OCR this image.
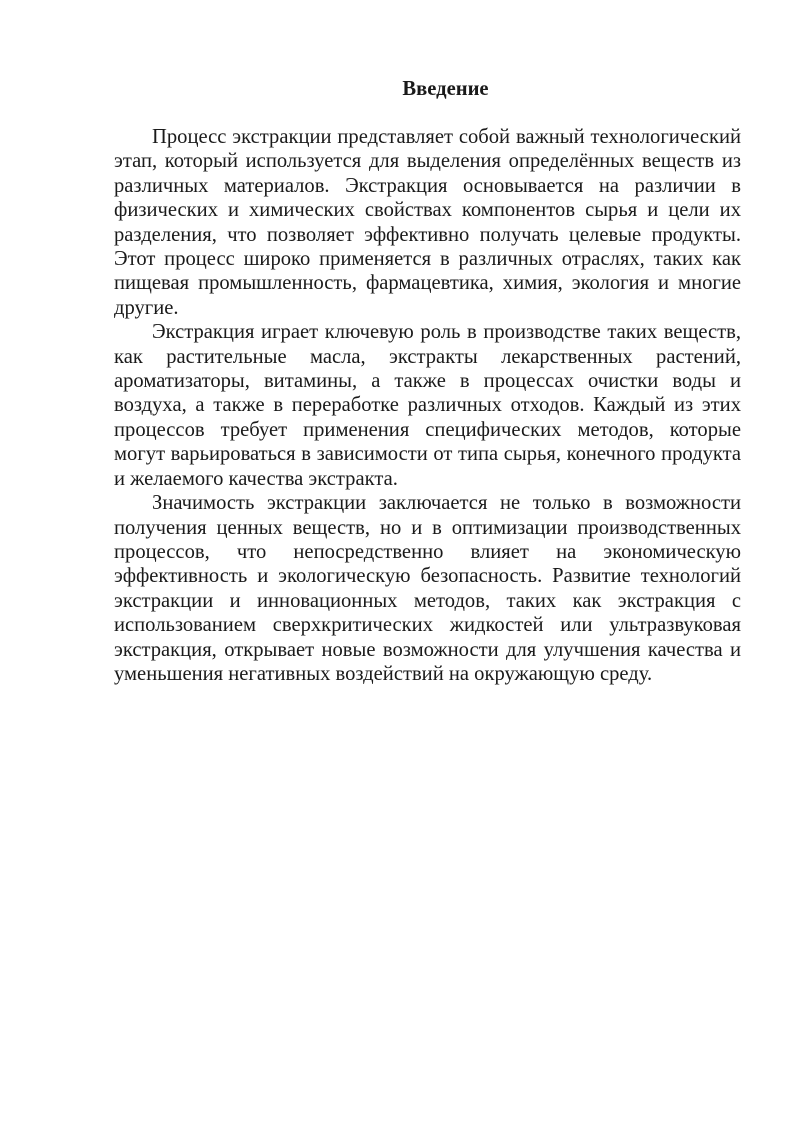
Введение

Процесс экстракции представляет собой важный технологический этап, который используется для выделения определённых веществ из различных материалов. Экстракция основывается на различии в физических и химических свойствах компонентов сырья и цели их разделения, что позволяет эффективно получать целевые продукты. Этот процесс широко применяется в различных отраслях, таких как пищевая промышленность, фармацевтика, химия, экология и многие другие.

Экстракция играет ключевую роль в производстве таких веществ, как растительные масла, экстракты лекарственных растений, ароматизаторы, витамины, а также в процессах очистки воды и воздуха, а также в переработке различных отходов. Каждый из этих процессов требует применения специфических методов, которые могут варьироваться в зависимости от типа сырья, конечного продукта и желаемого качества экстракта.

Значимость экстракции заключается не только в возможности получения ценных веществ, но и в оптимизации производственных процессов, что непосредственно влияет на экономическую эффективность и экологическую безопасность. Развитие технологий экстракции и инновационных методов, таких как экстракция с использованием сверхкритических жидкостей или ультразвуковая экстракция, открывает новые возможности для улучшения качества и уменьшения негативных воздействий на окружающую среду.
